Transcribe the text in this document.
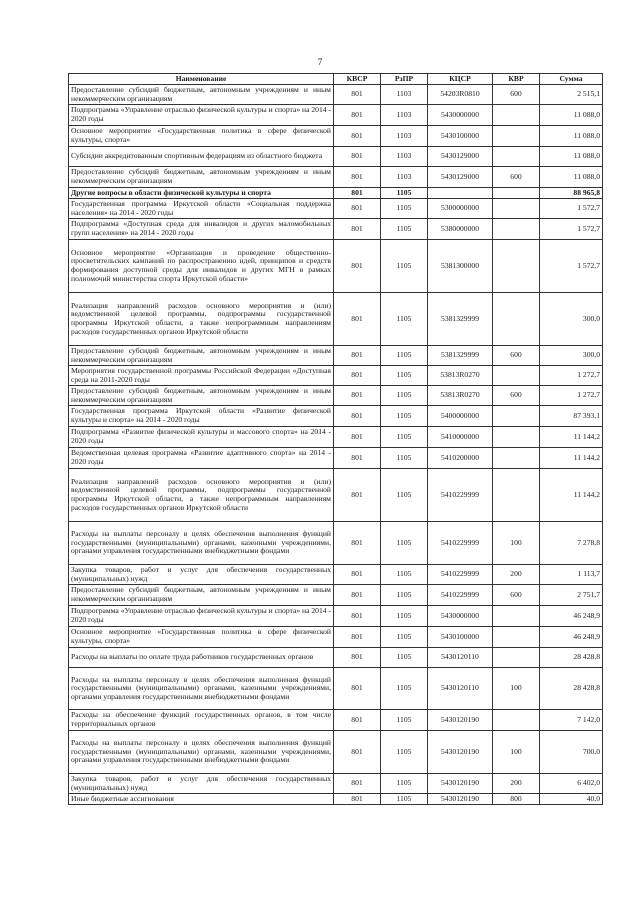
7
Наименование	КВСР	РзПР	КЦСР	КВР	Сумма
Предоставление субсидий бюджетным, автономным учреждениям и иным некоммерческим организациям	801	1103	54203R0810	600	2 515,1
Подпрограмма «Управление отраслью физической культуры и спорта» на 2014 - 2020 годы	801	1103	5430000000		11 088,0
Основное мероприятие «Государственная политика в сфере физической культуры, спорта»	801	1103	5430100000		11 088,0
Субсидии аккредитованным спортивным федерациям из областного бюджета	801	1103	5430129000		11 088,0
Предоставление субсидий бюджетным, автономным учреждениям и иным некоммерческим организациям	801	1103	5430129000	600	11 088,0
Другие вопросы в области физической культуры и спорта	801	1105			88 965,8
Государственная программа Иркутской области «Социальная поддержка населения» на 2014 - 2020 годы	801	1105	5300000000		1 572,7
Подпрограмма «Доступная среда для инвалидов и других маломобильных групп населения» на 2014 - 2020 годы	801	1105	5380000000		1 572,7
Основное мероприятие «Организация и проведение общественно-просветительских кампаний по распространению идей, принципов и средств формирования доступной среды для инвалидов и других МГН в рамках полномочий министерства спорта Иркутской области»	801	1105	5381300000		1 572,7
Реализация направлений расходов основного мероприятия и (или) ведомственной целевой программы, подпрограммы государственной программы Иркутской области, а также непрограммным направлениям расходов государственных органов Иркутской области	801	1105	5381329999		300,0
Предоставление субсидий бюджетным, автономным учреждениям и иным некоммерческим организациям	801	1105	5381329999	600	300,0
Мероприятия государственной программы Российской Федерации «Доступная среда на 2011-2020 годы	801	1105	53813R0270		1 272,7
Предоставление субсидий бюджетным, автономным учреждениям и иным некоммерческим организациям	801	1105	53813R0270	600	1 272,7
Государственная программа Иркутской области «Развитие физической культуры и спорта» на 2014 - 2020 годы	801	1105	5400000000		87 393,1
Подпрограмма «Развитие физической культуры и массового спорта» на 2014 - 2020 годы	801	1105	5410000000		11 144,2
Ведомственная целевая программа «Развитие адаптивного спорта» на 2014 - 2020 годы	801	1105	5410200000		11 144,2
Реализация направлений расходов основного мероприятия и (или) ведомственной целевой программы, подпрограммы государственной программы Иркутской области, а также непрограммным направлениям расходов государственных органов Иркутской области	801	1105	5410229999		11 144,2
Расходы на выплаты персоналу в целях обеспечения выполнения функций государственными (муниципальными) органами, казенными учреждениями, органами управления государственными внебюджетными фондами	801	1105	5410229999	100	7 278,8
Закупка товаров, работ и услуг для обеспечения государственных (муниципальных) нужд	801	1105	5410229999	200	1 113,7
Предоставление субсидий бюджетным, автономным учреждениям и иным некоммерческим организациям	801	1105	5410229999	600	2 751,7
Подпрограмма «Управление отраслью физической культуры и спорта» на 2014 - 2020 годы	801	1105	5430000000		46 248,9
Основное мероприятие «Государственная политика в сфере физической культуры, спорта»	801	1105	5430100000		46 248,9
Расходы на выплаты по оплате труда работников государственных органов	801	1105	5430120110		28 428,8
Расходы на выплаты персоналу в целях обеспечения выполнения функций государственными (муниципальными) органами, казенными учреждениями, органами управления государственными внебюджетными фондами	801	1105	5430120110	100	28 428,8
Расходы на обеспечение функций государственных органов, в том числе территориальных органов	801	1105	5430120190		7 142,0
Расходы на выплаты персоналу в целях обеспечения выполнения функций государственными (муниципальными) органами, казенными учреждениями, органами управления государственными внебюджетными фондами	801	1105	5430120190	100	700,0
Закупка товаров, работ и услуг для обеспечения государственных (муниципальных) нужд	801	1105	5430120190	200	6 402,0
Иные бюджетные ассигнования	801	1105	5430120190	800	40,0
